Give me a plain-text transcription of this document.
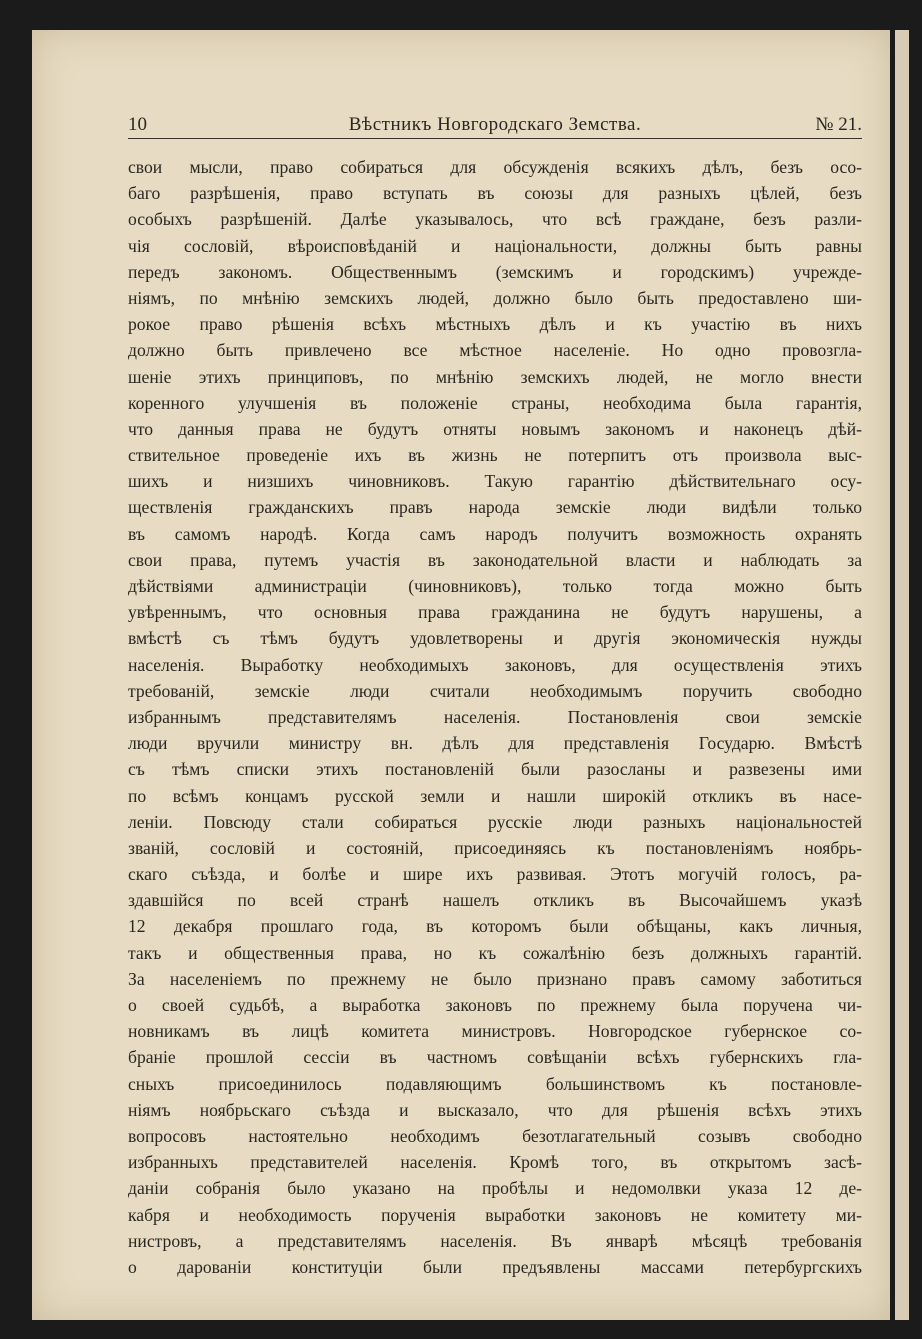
10	Вѣстникъ Новгородскаго Земства.	№ 21.
свои мысли, право собираться для обсужденія всякихъ дѣлъ, безъ осо-
баго разрѣшенія, право вступать въ союзы для разныхъ цѣлей, безъ
особыхъ разрѣшеній. Далѣе указывалось, что всѣ граждане, безъ разли-
чія сословій, вѣроисповѣданій и національности, должны быть равны
передъ закономъ. Общественнымъ (земскимъ и городскимъ) учрежде-
ніямъ, по мнѣнію земскихъ людей, должно было быть предоставлено ши-
рокое право рѣшенія всѣхъ мѣстныхъ дѣлъ и къ участію въ нихъ
должно быть привлечено все мѣстное населеніе. Но одно провозгла-
шеніе этихъ принциповъ, по мнѣнію земскихъ людей, не могло внести
коренного улучшенія въ положеніе страны, необходима была гарантія,
что данныя права не будутъ отняты новымъ закономъ и наконецъ дѣй-
ствительное проведеніе ихъ въ жизнь не потерпитъ отъ произвола выс-
шихъ и низшихъ чиновниковъ. Такую гарантію дѣйствительнаго осу-
ществленія гражданскихъ правъ народа земскіе люди видѣли только
въ самомъ народѣ. Когда самъ народъ получитъ возможность охранять
свои права, путемъ участія въ законодательной власти и наблюдать за
дѣйствіями администраціи (чиновниковъ), только тогда можно быть
увѣреннымъ, что основныя права гражданина не будутъ нарушены, а
вмѣстѣ съ тѣмъ будутъ удовлетворены и другія экономическія нужды
населенія. Выработку необходимыхъ законовъ, для осуществленія этихъ
требованій, земскіе люди считали необходимымъ поручить свободно
избраннымъ представителямъ населенія. Постановленія свои земскіе
люди вручили министру вн. дѣлъ для представленія Государю. Вмѣстѣ
съ тѣмъ списки этихъ постановленій были разосланы и развезены ими
по всѣмъ концамъ русской земли и нашли широкій откликъ въ насе-
леніи. Повсюду стали собираться русскіе люди разныхъ національностей
званій, сословій и состояній, присоединяясь къ постановленіямъ ноябрь-
скаго съѣзда, и болѣе и шире ихъ развивая. Этотъ могучій голосъ, ра-
здавшійся по всей странѣ нашелъ откликъ въ Высочайшемъ указѣ
12 декабря прошлаго года, въ которомъ были обѣщаны, какъ личныя,
такъ и общественныя права, но къ сожалѣнію безъ должныхъ гарантій.
За населеніемъ по прежнему не было признано правъ самому заботиться
о своей судьбѣ, а выработка законовъ по прежнему была поручена чи-
новникамъ въ лицѣ комитета министровъ. Новгородское губернское со-
браніе прошлой сессіи въ частномъ совѣщаніи всѣхъ губернскихъ гла-
сныхъ присоединилось подавляющимъ большинствомъ къ постановле-
ніямъ ноябрьскаго съѣзда и высказало, что для рѣшенія всѣхъ этихъ
вопросовъ настоятельно необходимъ безотлагательный созывъ свободно
избранныхъ представителей населенія. Кромѣ того, въ открытомъ засѣ-
даніи собранія было указано на пробѣлы и недомолвки указа 12 де-
кабря и необходимость порученія выработки законовъ не комитету ми-
нистровъ, а представителямъ населенія. Въ январѣ мѣсяцѣ требованія
о дарованіи конституціи были предъявлены массами петербургскихъ
